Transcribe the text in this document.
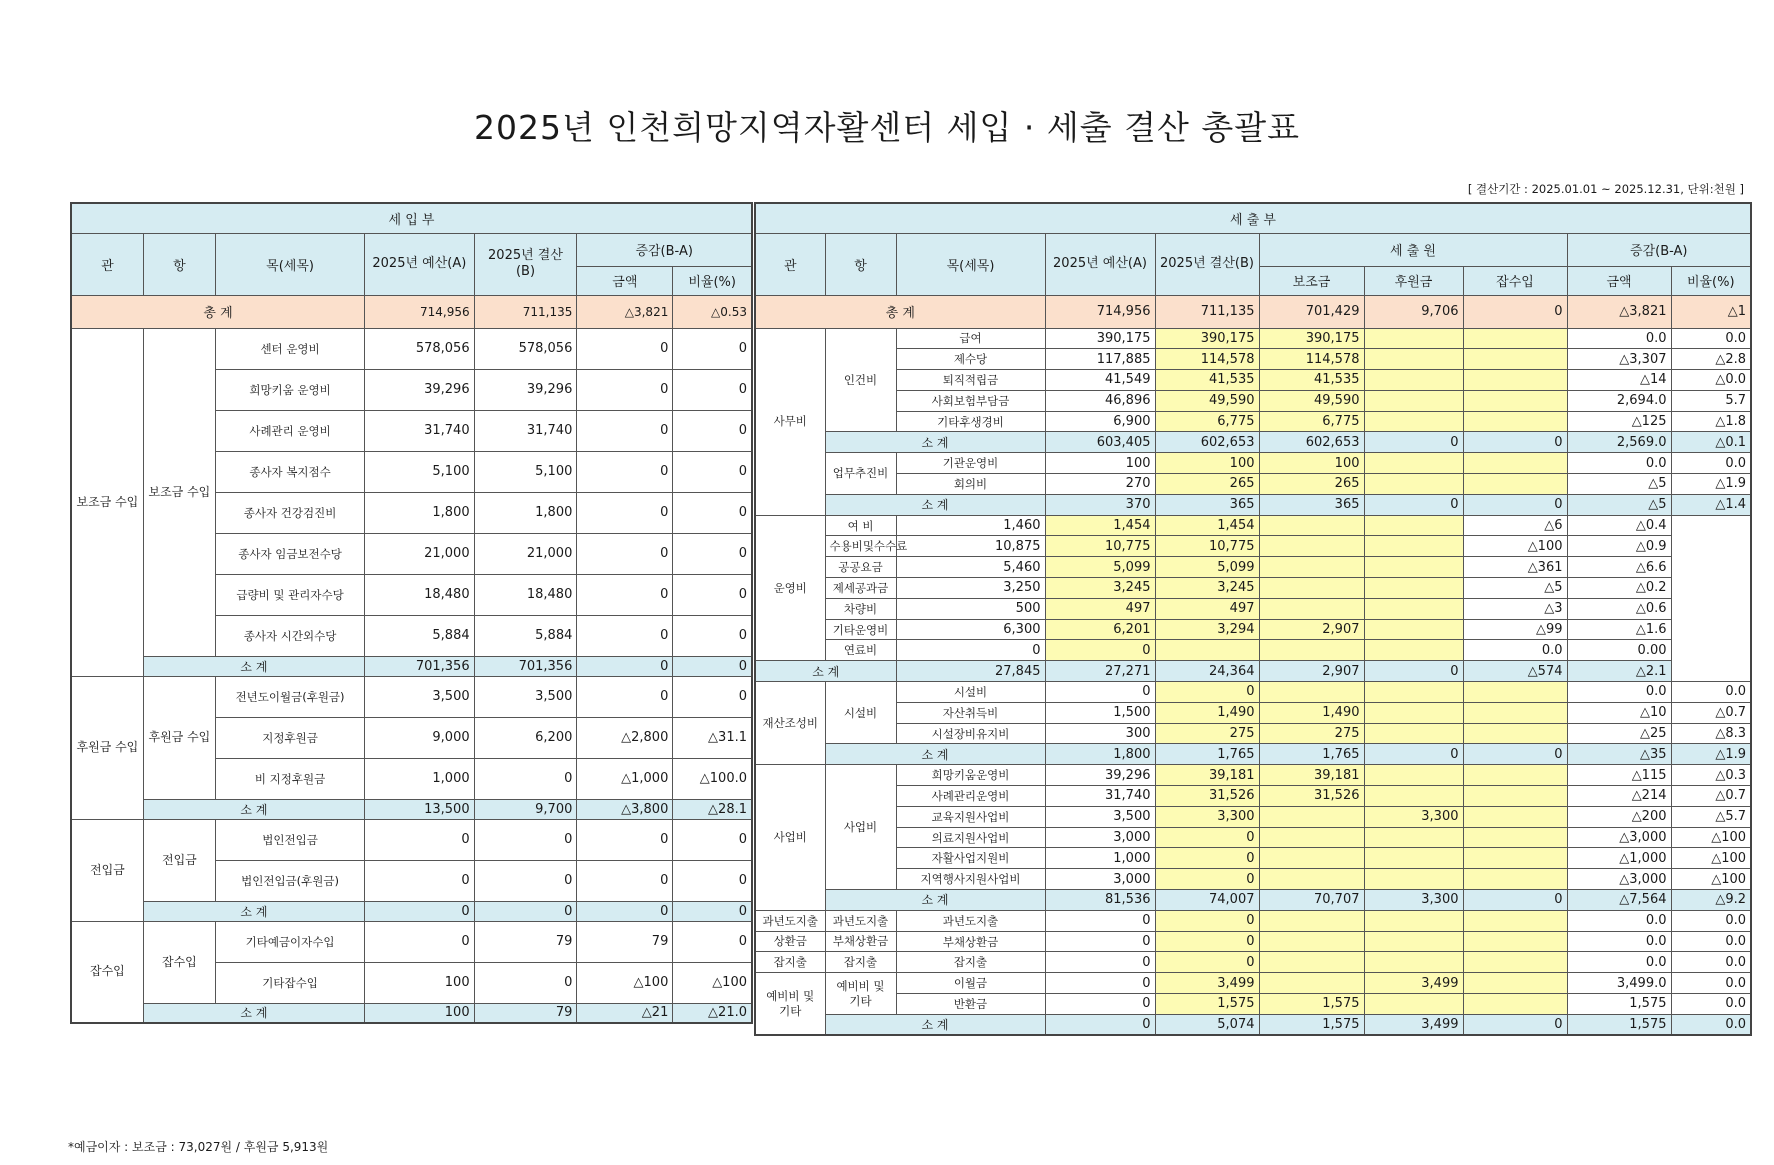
2025년 인천희망지역자활센터 세입 · 세출 결산 총괄표
[ 결산기간 : 2025.01.01 ~ 2025.12.31, 단위:천원 ]
세 입 부						
관	항	목(세목)	2025년 예산(A)	2025년 결산(B)	증감(B-A)	
					금액	비율(%)
총 계			714,956	711,135	△3,821	△0.53
보조금 수입	보조금 수입	센터 운영비	578,056	578,056	0	0
		희망키움 운영비	39,296	39,296	0	0
		사례관리 운영비	31,740	31,740	0	0
		종사자 복지점수	5,100	5,100	0	0
		종사자 건강검진비	1,800	1,800	0	0
		종사자 임금보전수당	21,000	21,000	0	0
		급량비 및 관리자수당	18,480	18,480	0	0
		종사자 시간외수당	5,884	5,884	0	0
	소 계		701,356	701,356	0	0
후원금 수입	후원금 수입	전년도이월금(후원금)	3,500	3,500	0	0
		지정후원금	9,000	6,200	△2,800	△31.1
		비 지정후원금	1,000	0	△1,000	△100.0
	소 계		13,500	9,700	△3,800	△28.1
전입금	전입금	법인전입금	0	0	0	0
		법인전입금(후원금)	0	0	0	0
	소 계		0	0	0	0
잡수입	잡수입	기타예금이자수입	0	79	79	0
		기타잡수입	100	0	△100	△100
	소 계		100	79	△21	△21.0
세 출 부									
관	항	목(세목)	2025년 예산(A)	2025년 결산(B)	세 출 원			증감(B-A)	
					보조금	후원금	잡수입	금액	비율(%)
총 계			714,956	711,135	701,429	9,706	0	△3,821	△1
사무비	인건비	급여	390,175	390,175	390,175			0.0	0.0
		제수당	117,885	114,578	114,578			△3,307	△2.8
		퇴직적립금	41,549	41,535	41,535			△14	△0.0
		사회보험부담금	46,896	49,590	49,590			2,694.0	5.7
		기타후생경비	6,900	6,775	6,775			△125	△1.8
	소 계		603,405	602,653	602,653	0	0	2,569.0	△0.1
	업무추진비	기관운영비	100	100	100			0.0	0.0
		회의비	270	265	265			△5	△1.9
	소 계		370	365	365	0	0	△5	△1.4
운영비	여 비	1,460	1,454	1,454			△6	△0.4	
	수용비및수수료	10,875	10,775	10,775			△100	△0.9	
	공공요금	5,460	5,099	5,099			△361	△6.6	
	제세공과금	3,250	3,245	3,245			△5	△0.2	
	차량비	500	497	497			△3	△0.6	
	기타운영비	6,300	6,201	3,294	2,907		△99	△1.6	
	연료비	0	0				0.0	0.00	
소 계		27,845	27,271	24,364	2,907	0	△574	△2.1	
재산조성비	시설비	시설비	0	0				0.0	0.0
		자산취득비	1,500	1,490	1,490			△10	△0.7
		시설장비유지비	300	275	275			△25	△8.3
	소 계		1,800	1,765	1,765	0	0	△35	△1.9
사업비	사업비	희망키움운영비	39,296	39,181	39,181			△115	△0.3
		사례관리운영비	31,740	31,526	31,526			△214	△0.7
		교육지원사업비	3,500	3,300		3,300		△200	△5.7
		의료지원사업비	3,000	0				△3,000	△100
		자활사업지원비	1,000	0				△1,000	△100
		지역행사지원사업비	3,000	0				△3,000	△100
	소 계		81,536	74,007	70,707	3,300	0	△7,564	△9.2
과년도지출	과년도지출	과년도지출	0	0				0.0	0.0
상환금	부채상환금	부채상환금	0	0				0.0	0.0
잡지출	잡지출	잡지출	0	0				0.0	0.0
예비비 및 기타	예비비 및 기타	이월금	0	3,499		3,499		3,499.0	0.0
		반환금	0	1,575	1,575			1,575	0.0
	소 계		0	5,074	1,575	3,499	0	1,575	0.0
*예금이자 : 보조금 : 73,027원 / 후원금 5,913원
